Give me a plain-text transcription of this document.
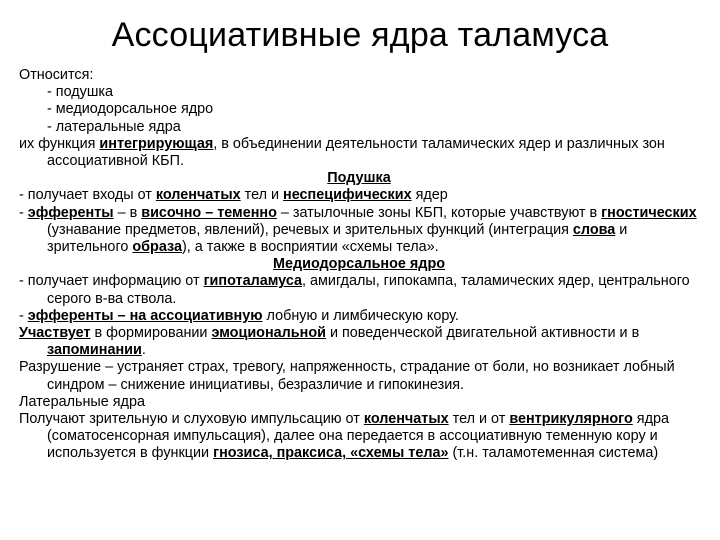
Ассоциативные ядра таламуса

Относится:

- подушка

- медиодорсальное ядро

- латеральные ядра

их функция интегрирующая, в объединении деятельности таламических ядер и различных зон ассоциативной КБП.

Подушка

- получает входы от коленчатых тел и неспецифических ядер

- эфференты – в височно – теменно – затылочные зоны КБП, которые учавствуют в гностических (узнавание предметов, явлений), речевых и зрительных функций (интеграция слова и зрительного образа), а также в восприятии «схемы тела».

Медиодорсальное ядро

- получает информацию от гипоталамуса, амигдалы, гипокампа, таламических ядер, центрального серого в-ва ствола.

- эфференты – на ассоциативную лобную и лимбическую кору.

Участвует в формировании эмоциональной и поведенческой двигательной активности и в запоминании.

Разрушение – устраняет страх, тревогу, напряженность, страдание от боли, но возникает лобный синдром – снижение инициативы, безразличие и гипокинезия.

Латеральные ядра

Получают зрительную и слуховую импульсацию от коленчатых тел и от вентрикулярного ядра (соматосенсорная импульсация), далее она передается в ассоциативную теменную кору и используется в функции гнозиса, праксиса, «схемы тела» (т.н. таламотеменная система)
